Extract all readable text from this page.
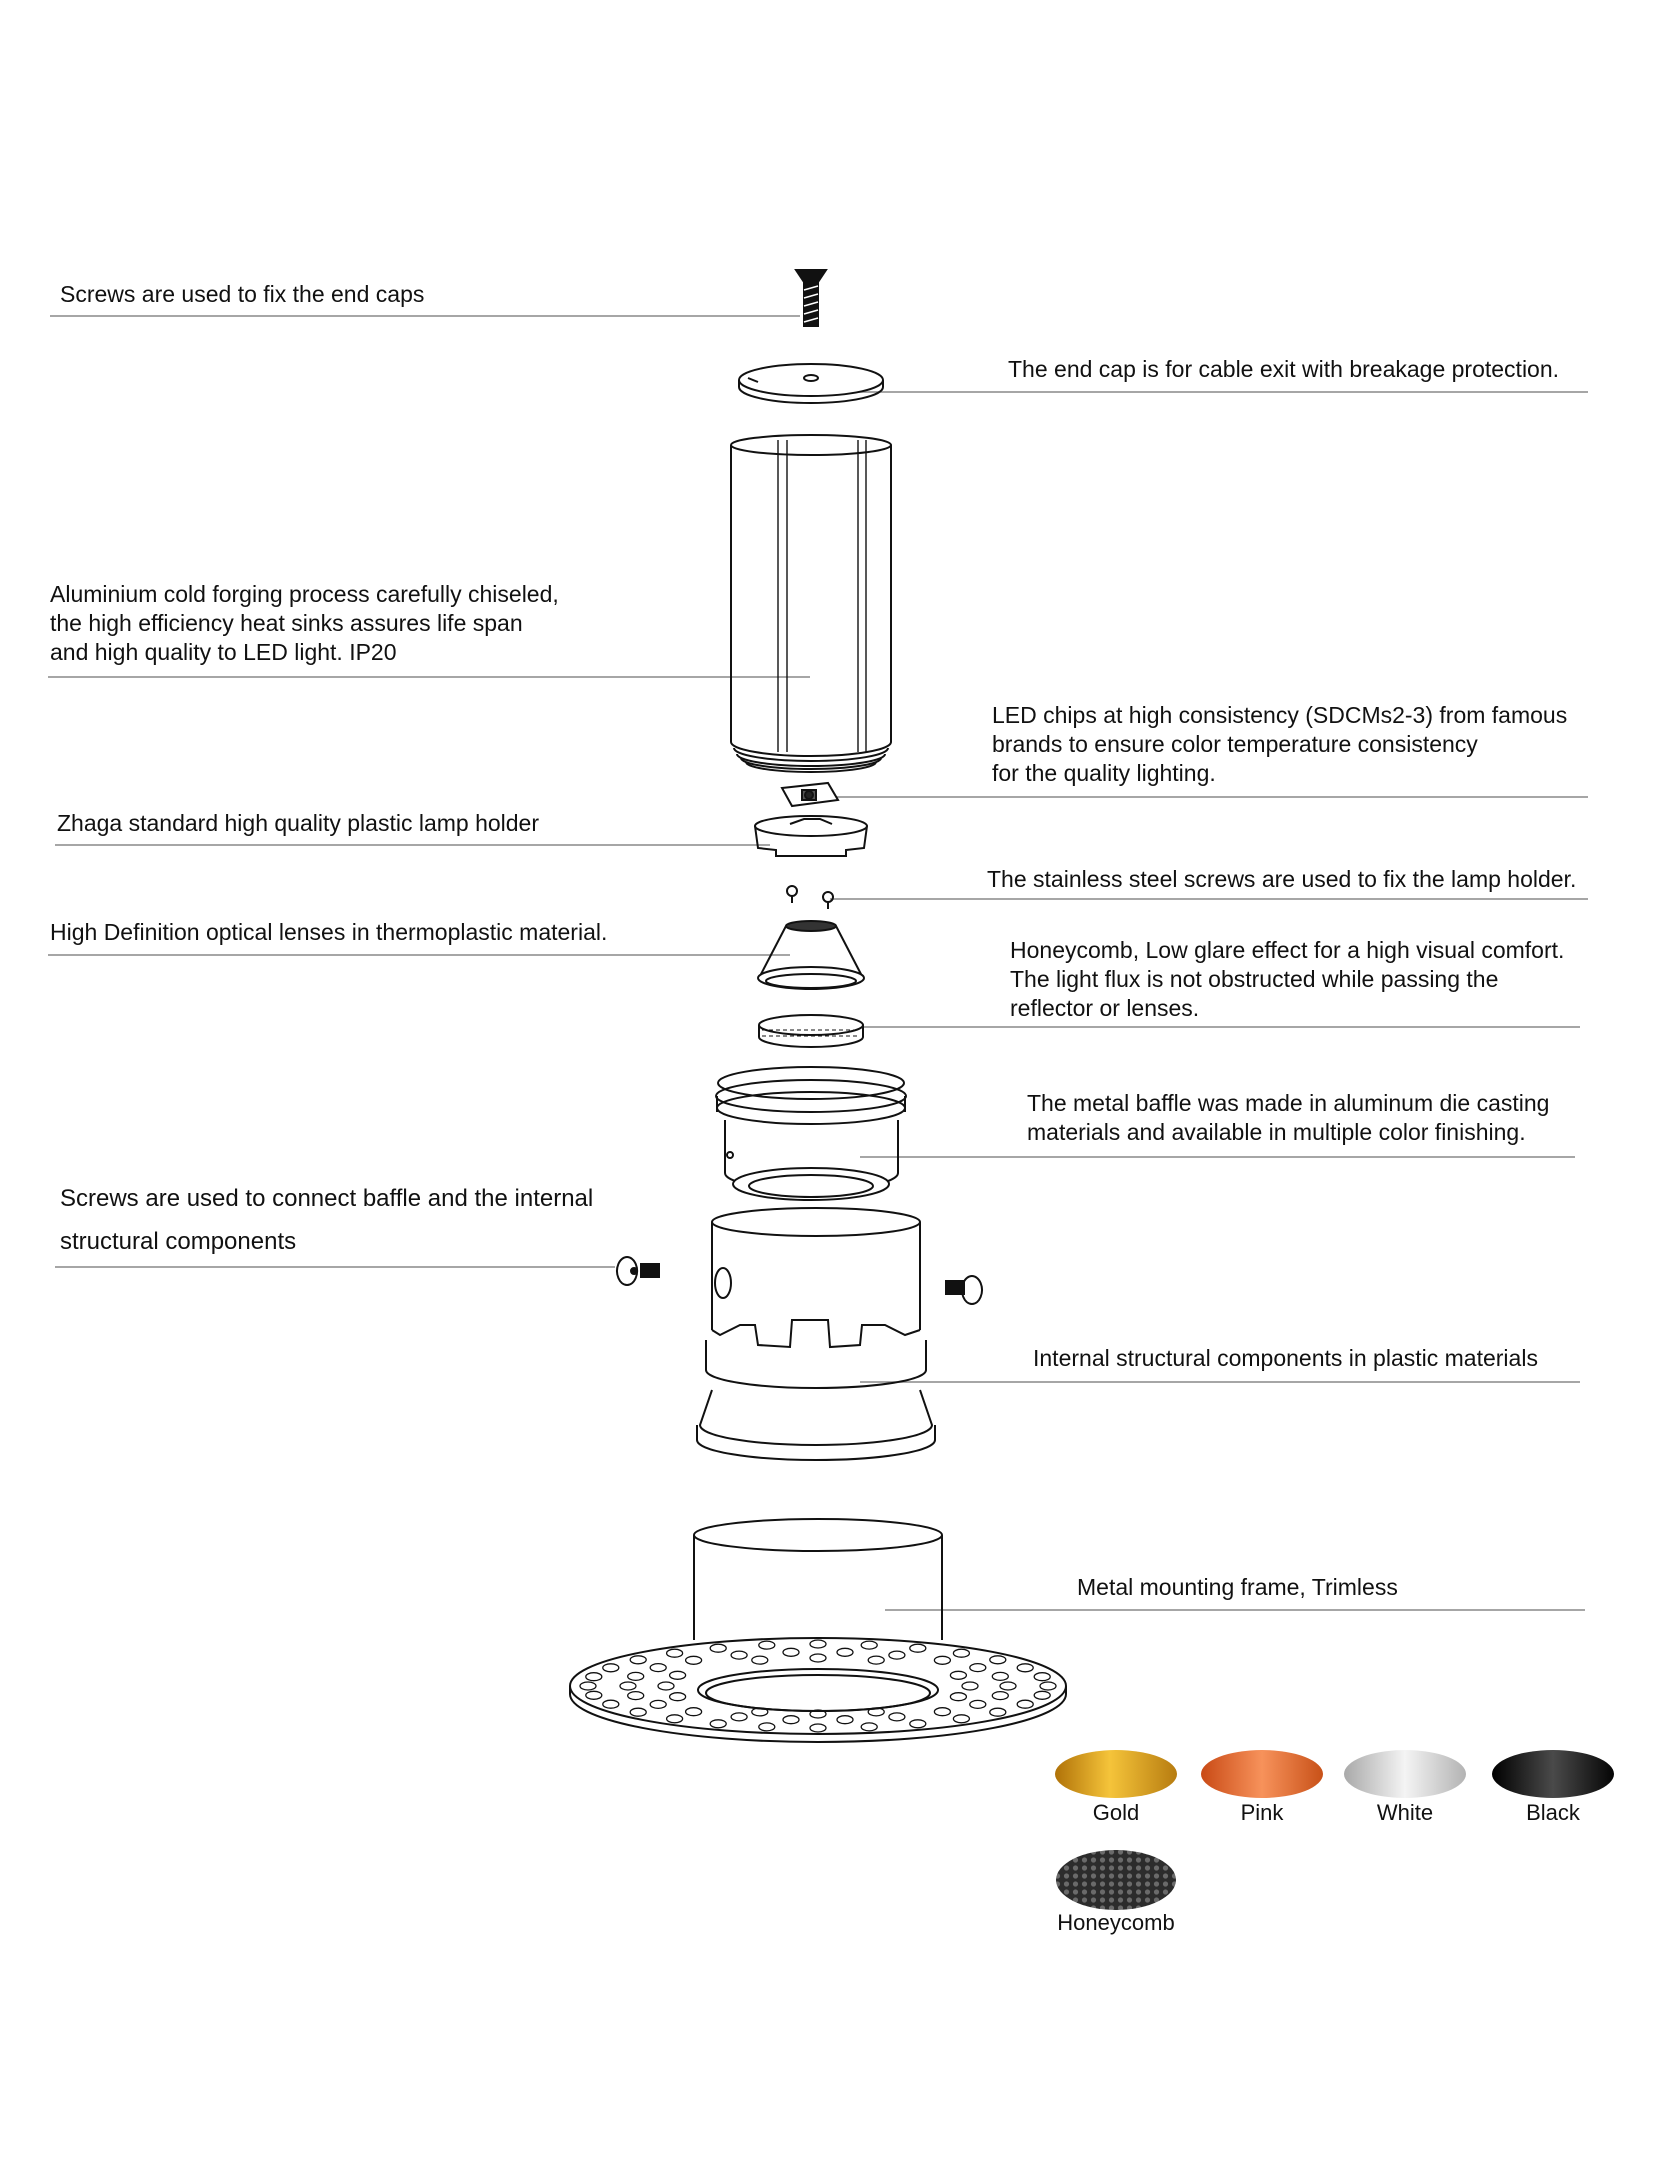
Screws are used to fix the end caps

The end cap is for cable exit with breakage protection.

Aluminium cold forging process carefully chiseled,

the high efficiency heat sinks assures life span

and high quality to LED light. IP20

LED chips at high consistency (SDCMs2-3) from famous

brands to ensure color temperature consistency

for the quality lighting.

Zhaga standard high quality plastic lamp holder

The stainless steel screws are used to fix the lamp holder.

High Definition optical lenses in thermoplastic material.

Honeycomb, Low glare effect for a high visual comfort.

The light flux is not obstructed while passing the

reflector or lenses.

The metal baffle was made in aluminum die casting

materials and available in multiple color finishing.

Screws are used to connect baffle and the internal

structural components

Internal structural components in plastic materials

Metal mounting frame, Trimless

Gold	Pink	White	Black
Honeycomb
